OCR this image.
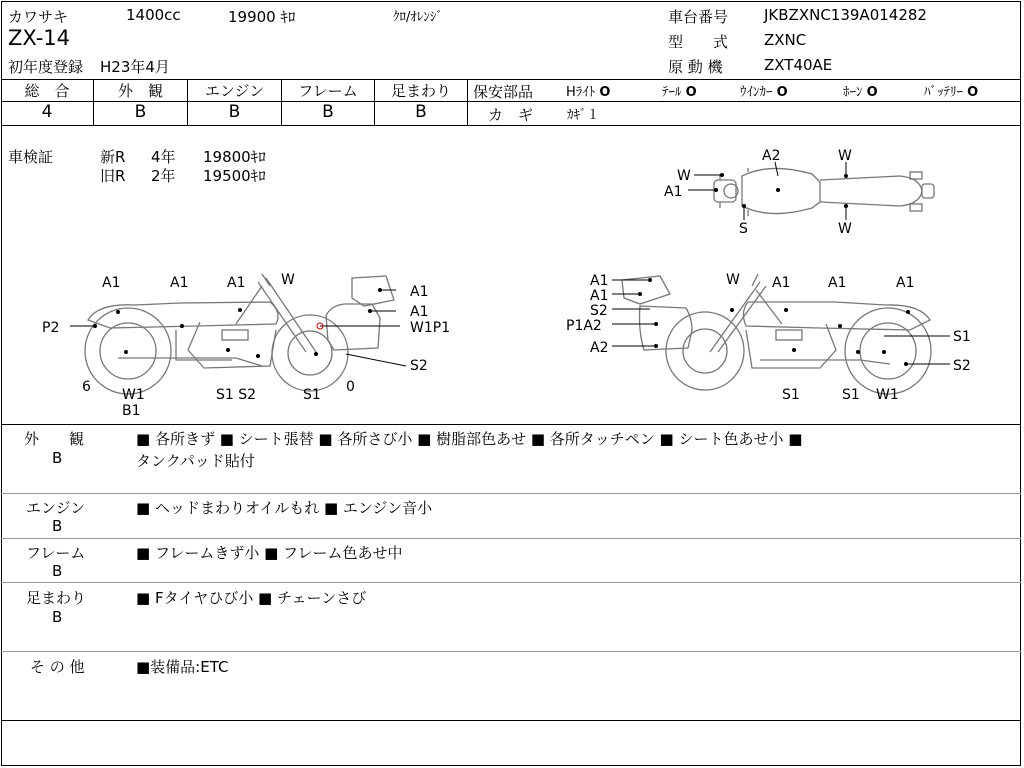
カワサキ	1400cc	19900 ｷﾛ	ｸﾛ/ｵﾚﾝｼﾞ
ZX-14
初年度登録 H23年4月
車台番号 JKBZXNC139A014282
型　　式 ZXNC
原 動 機	ZXT40AE
総　合	外　観	エンジン	フレーム	足まわり
4	B	B	B	B
保安部品	Hﾗｲﾄ O	ﾃｰﾙ O	ｳｲﾝｶｰ O	ﾎｰﾝ O	ﾊﾞｯﾃﾘｰ O
カ　ギ	ｶｷﾞ１
車検証	新R 4年 19800ｷﾛ
旧R 2年 19500ｷﾛ
A2
W
A1
W
S	W
A1	A1	A1	W
A1
A1
W1P1
P2
S2
6 W1
B1
S1 S2	S1 0
A1
A1
S2
P1A2
A2
W A1	A1	A1
S1
S2
S1	S1 W1
外　　観
B
■ 各所きず ■ シート張替 ■ 各所さび小 ■ 樹脂部色あせ ■ 各所タッチペン ■ シート色あせ小 ■
タンクパッド貼付
エンジン
B
■ ヘッドまわりオイルもれ ■ エンジン音小
フレーム
B
■ フレームきず小 ■ フレーム色あせ中
足まわり
B
■ Fタイヤひび小 ■ チェーンさび
そ の 他	■装備品:ETC
